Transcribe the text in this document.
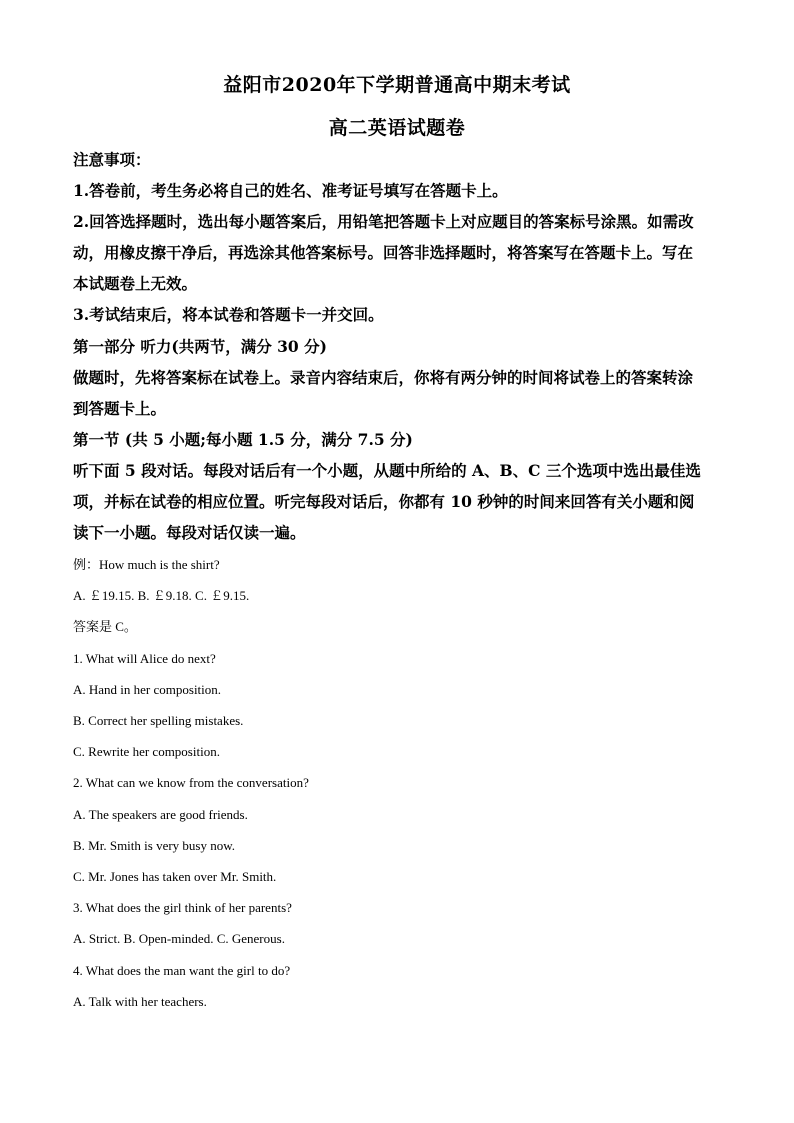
益阳市2020年下学期普通高中期末考试
高二英语试题卷
注意事项：
1.答卷前，考生务必将自己的姓名、准考证号填写在答题卡上。
2.回答选择题时，选出每小题答案后，用铅笔把答题卡上对应题目的答案标号涂黑。如需改
动，用橡皮擦干净后，再选涂其他答案标号。回答非选择题时，将答案写在答题卡上。写在
本试题卷上无效。
3.考试结束后，将本试卷和答题卡一并交回。
第一部分 听力(共两节，满分 30 分)
做题时，先将答案标在试卷上。录音内容结束后，你将有两分钟的时间将试卷上的答案转涂
到答题卡上。
第一节 (共 5 小题;每小题 1.5 分，满分 7.5 分)
听下面 5 段对话。每段对话后有一个小题，从题中所给的 A、B、C 三个选项中选出最佳选
项，并标在试卷的相应位置。听完每段对话后，你都有 10 秒钟的时间来回答有关小题和阅
读下一小题。每段对话仅读一遍。
例：How much is the shirt?
A. ￡19.15. B. ￡9.18. C. ￡9.15.
答案是 C。
1. What will Alice do next?
A. Hand in her composition.
B. Correct her spelling mistakes.
C. Rewrite her composition.
2. What can we know from the conversation?
A. The speakers are good friends.
B. Mr. Smith is very busy now.
C. Mr. Jones has taken over Mr. Smith.
3. What does the girl think of her parents?
A. Strict. B. Open-minded. C. Generous.
4. What does the man want the girl to do?
A. Talk with her teachers.
